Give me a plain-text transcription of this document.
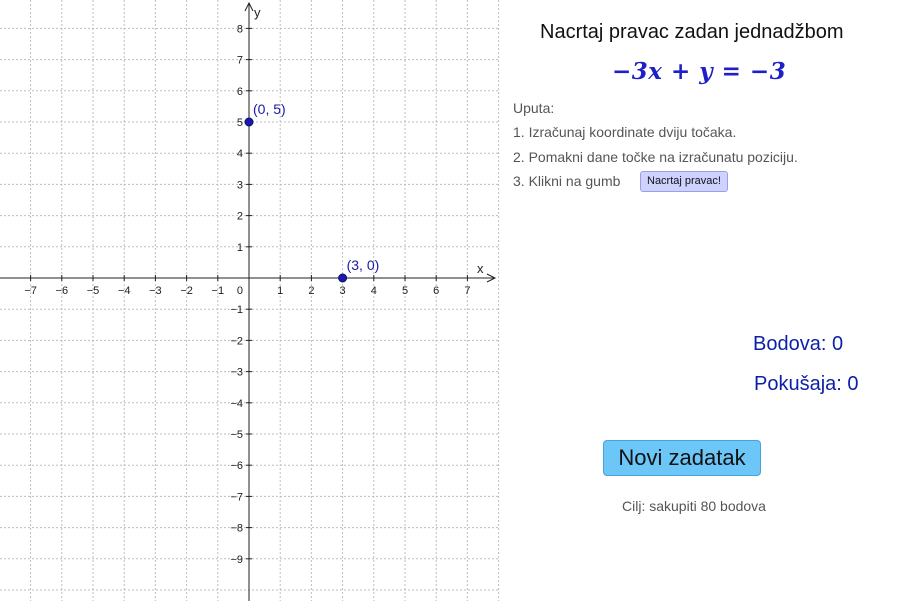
−7 −6 −5 −4 −3 −2 −1	1 2 3 4 5 6 7
−9
−8
−7
−6
−5
−4
−3
−2
−1
1
2
3
4
5
6
7
8
x
y
0
(0, 5)
(3, 0)
Nacrtaj pravac zadan jednadžbom
−3x + y = −3
Uputa:
1. Izračunaj koordinate dviju točaka.
2. Pomakni dane točke na izračunatu poziciju.
3. Klikni na gumb	Nacrtaj pravac!
Bodova: 0
Pokušaja: 0
Novi zadatak
Cilj: sakupiti 80 bodova
